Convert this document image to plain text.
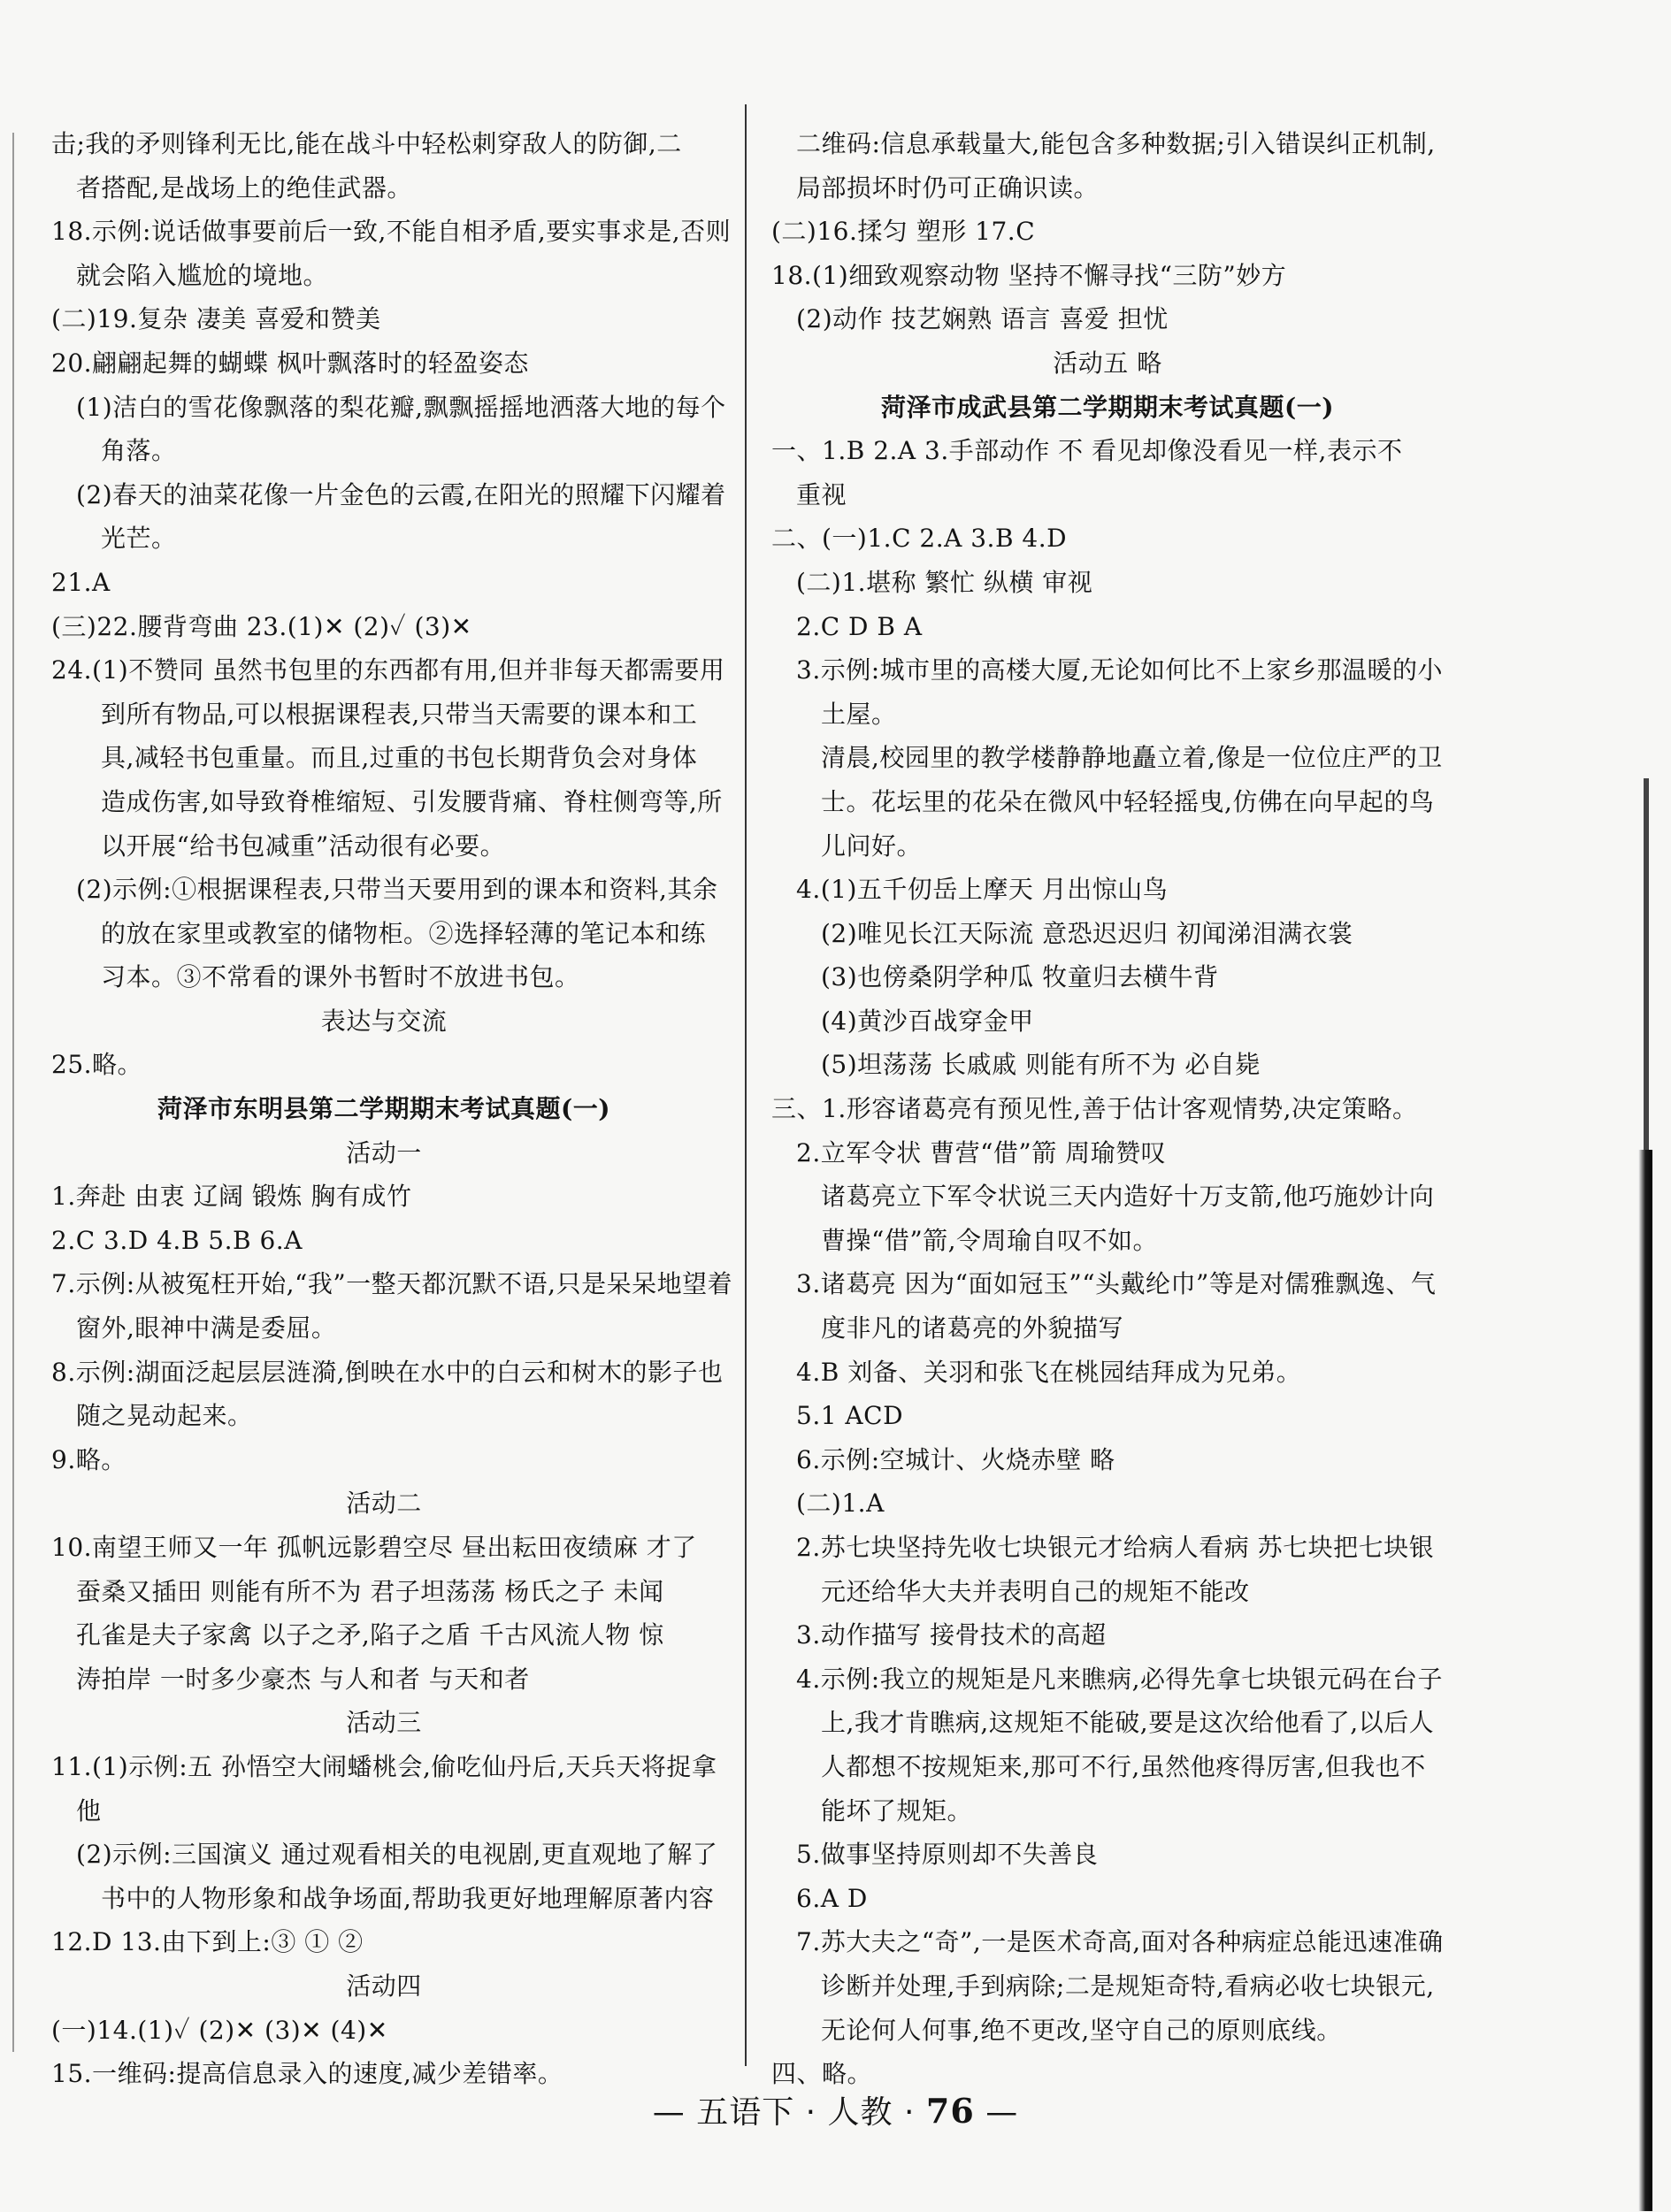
击;我的矛则锋利无比,能在战斗中轻松刺穿敌人的防御,二
者搭配,是战场上的绝佳武器。
18.示例:说话做事要前后一致,不能自相矛盾,要实事求是,否则
就会陷入尴尬的境地。
(二)19.复杂 凄美 喜爱和赞美
20.翩翩起舞的蝴蝶 枫叶飘落时的轻盈姿态
(1)洁白的雪花像飘落的梨花瓣,飘飘摇摇地洒落大地的每个
角落。
(2)春天的油菜花像一片金色的云霞,在阳光的照耀下闪耀着
光芒。
21.A
(三)22.腰背弯曲 23.(1)✕ (2)✓ (3)✕
24.(1)不赞同 虽然书包里的东西都有用,但并非每天都需要用
到所有物品,可以根据课程表,只带当天需要的课本和工
具,减轻书包重量。而且,过重的书包长期背负会对身体
造成伤害,如导致脊椎缩短、引发腰背痛、脊柱侧弯等,所
以开展“给书包减重”活动很有必要。
(2)示例:①根据课程表,只带当天要用到的课本和资料,其余
的放在家里或教室的储物柜。②选择轻薄的笔记本和练
习本。③不常看的课外书暂时不放进书包。
表达与交流
25.略。
菏泽市东明县第二学期期末考试真题(一)
活动一
1.奔赴 由衷 辽阔 锻炼 胸有成竹
2.C 3.D 4.B 5.B 6.A
7.示例:从被冤枉开始,“我”一整天都沉默不语,只是呆呆地望着
窗外,眼神中满是委屈。
8.示例:湖面泛起层层涟漪,倒映在水中的白云和树木的影子也
随之晃动起来。
9.略。
活动二
10.南望王师又一年 孤帆远影碧空尽 昼出耘田夜绩麻 才了
蚕桑又插田 则能有所不为 君子坦荡荡 杨氏之子 未闻
孔雀是夫子家禽 以子之矛,陷子之盾 千古风流人物 惊
涛拍岸 一时多少豪杰 与人和者 与天和者
活动三
11.(1)示例:五 孙悟空大闹蟠桃会,偷吃仙丹后,天兵天将捉拿
他
(2)示例:三国演义 通过观看相关的电视剧,更直观地了解了
书中的人物形象和战争场面,帮助我更好地理解原著内容
12.D 13.由下到上:③ ① ②
活动四
(一)14.(1)✓ (2)✕ (3)✕ (4)✕
15.一维码:提高信息录入的速度,减少差错率。
二维码:信息承载量大,能包含多种数据;引入错误纠正机制,
局部损坏时仍可正确识读。
(二)16.揉匀 塑形 17.C
18.(1)细致观察动物 坚持不懈寻找“三防”妙方
(2)动作 技艺娴熟 语言 喜爱 担忧
活动五 略
菏泽市成武县第二学期期末考试真题(一)
一、1.B 2.A 3.手部动作 不 看见却像没看见一样,表示不
重视
二、(一)1.C 2.A 3.B 4.D
(二)1.堪称 繁忙 纵横 审视
2.C D B A
3.示例:城市里的高楼大厦,无论如何比不上家乡那温暖的小
土屋。
清晨,校园里的教学楼静静地矗立着,像是一位位庄严的卫
士。花坛里的花朵在微风中轻轻摇曳,仿佛在向早起的鸟
儿问好。
4.(1)五千仞岳上摩天 月出惊山鸟
(2)唯见长江天际流 意恐迟迟归 初闻涕泪满衣裳
(3)也傍桑阴学种瓜 牧童归去横牛背
(4)黄沙百战穿金甲
(5)坦荡荡 长戚戚 则能有所不为 必自毙
三、1.形容诸葛亮有预见性,善于估计客观情势,决定策略。
2.立军令状 曹营“借”箭 周瑜赞叹
诸葛亮立下军令状说三天内造好十万支箭,他巧施妙计向
曹操“借”箭,令周瑜自叹不如。
3.诸葛亮 因为“面如冠玉”“头戴纶巾”等是对儒雅飘逸、气
度非凡的诸葛亮的外貌描写
4.B 刘备、关羽和张飞在桃园结拜成为兄弟。
5.1 ACD
6.示例:空城计、火烧赤壁 略
(二)1.A
2.苏七块坚持先收七块银元才给病人看病 苏七块把七块银
元还给华大夫并表明自己的规矩不能改
3.动作描写 接骨技术的高超
4.示例:我立的规矩是凡来瞧病,必得先拿七块银元码在台子
上,我才肯瞧病,这规矩不能破,要是这次给他看了,以后人
人都想不按规矩来,那可不行,虽然他疼得厉害,但我也不
能坏了规矩。
5.做事坚持原则却不失善良
6.A D
7.苏大夫之“奇”,一是医术奇高,面对各种病症总能迅速准确
诊断并处理,手到病除;二是规矩奇特,看病必收七块银元,
无论何人何事,绝不更改,坚守自己的原则底线。
四、略。
— 五语下 · 人教 · 76 —
